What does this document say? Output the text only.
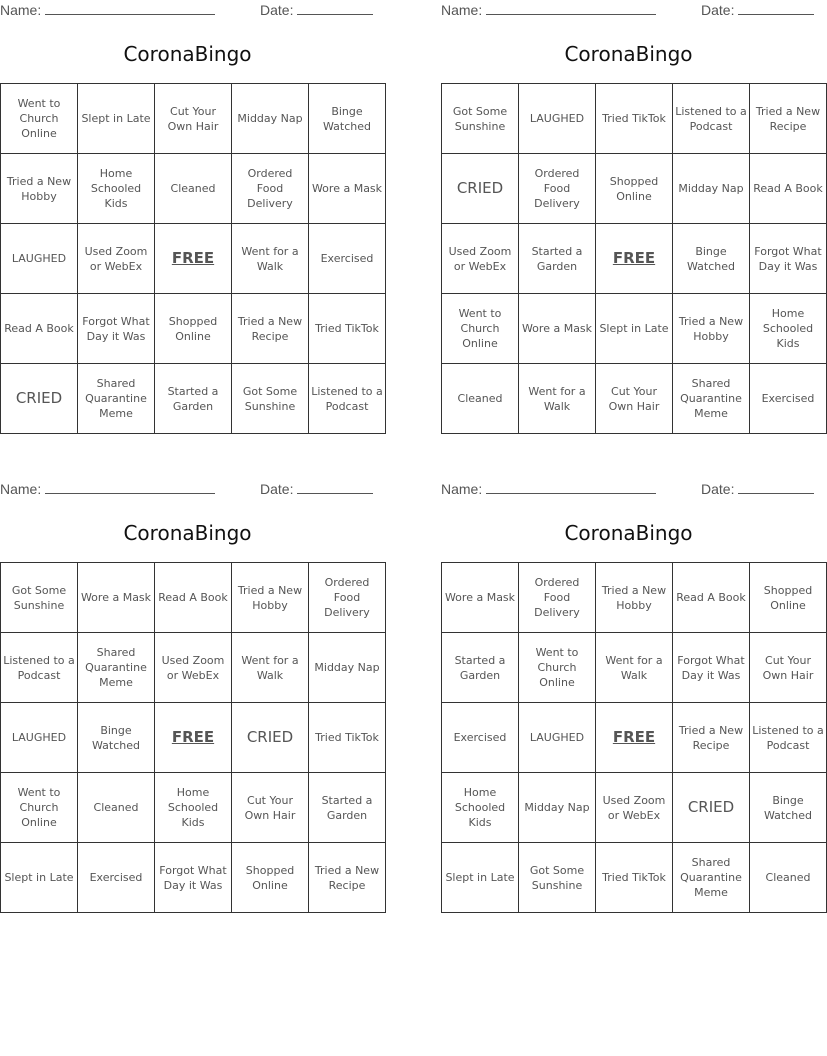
Name:	Date:
CoronaBingo
Went to Church Online	Slept in Late	Cut Your Own Hair	Midday Nap	Binge Watched
Tried a New Hobby	Home Schooled Kids	Cleaned	Ordered Food Delivery	Wore a Mask
LAUGHED	Used Zoom or WebEx	FREE	Went for a Walk	Exercised
Read A Book	Forgot What Day it Was	Shopped Online	Tried a New Recipe	Tried TikTok
CRIED	Shared Quarantine Meme	Started a Garden	Got Some Sunshine	Listened to a Podcast
Name:	Date:
CoronaBingo
Got Some Sunshine	LAUGHED	Tried TikTok	Listened to a Podcast	Tried a New Recipe
CRIED	Ordered Food Delivery	Shopped Online	Midday Nap	Read A Book
Used Zoom or WebEx	Started a Garden	FREE	Binge Watched	Forgot What Day it Was
Went to Church Online	Wore a Mask	Slept in Late	Tried a New Hobby	Home Schooled Kids
Cleaned	Went for a Walk	Cut Your Own Hair	Shared Quarantine Meme	Exercised
Name:	Date:
CoronaBingo
Got Some Sunshine	Wore a Mask	Read A Book	Tried a New Hobby	Ordered Food Delivery
Listened to a Podcast	Shared Quarantine Meme	Used Zoom or WebEx	Went for a Walk	Midday Nap
LAUGHED	Binge Watched	FREE	CRIED	Tried TikTok
Went to Church Online	Cleaned	Home Schooled Kids	Cut Your Own Hair	Started a Garden
Slept in Late	Exercised	Forgot What Day it Was	Shopped Online	Tried a New Recipe
Name:	Date:
CoronaBingo
Wore a Mask	Ordered Food Delivery	Tried a New Hobby	Read A Book	Shopped Online
Started a Garden	Went to Church Online	Went for a Walk	Forgot What Day it Was	Cut Your Own Hair
Exercised	LAUGHED	FREE	Tried a New Recipe	Listened to a Podcast
Home Schooled Kids	Midday Nap	Used Zoom or WebEx	CRIED	Binge Watched
Slept in Late	Got Some Sunshine	Tried TikTok	Shared Quarantine Meme	Cleaned
